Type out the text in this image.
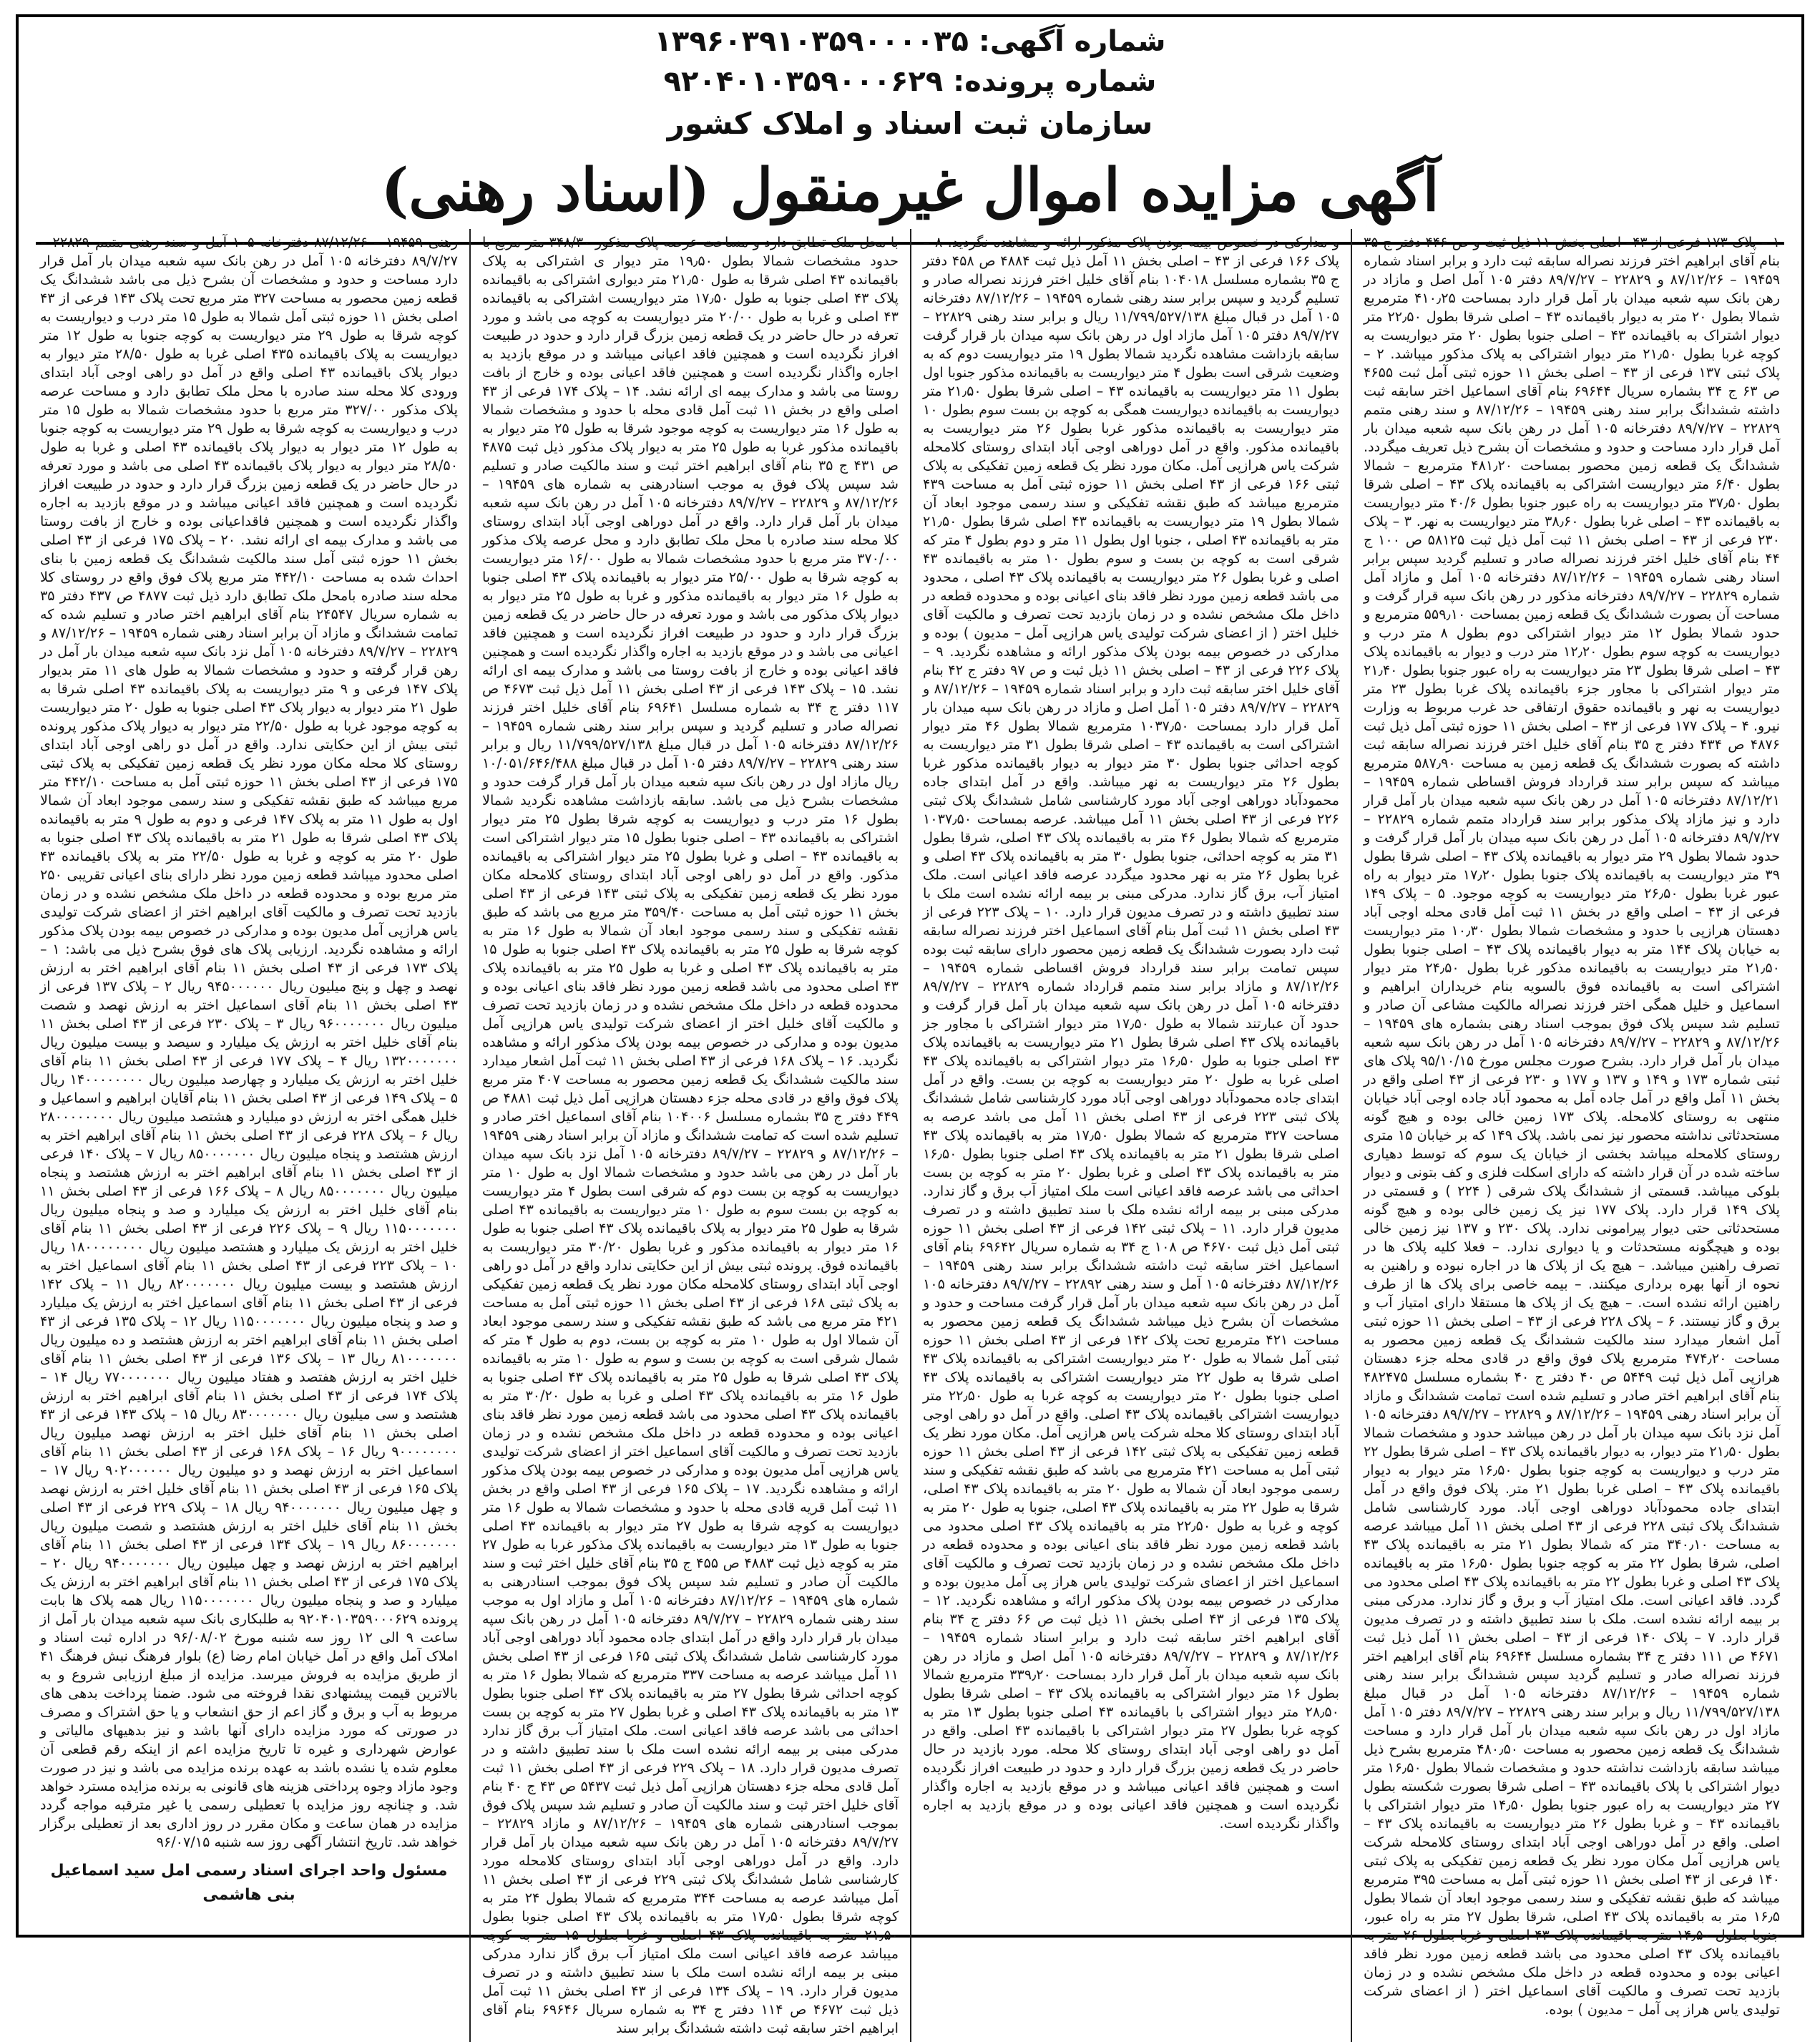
شماره آگهی: ۱۳۹۶۰۳۹۱۰۳۵۹۰۰۰۰۳۵
شماره پرونده: ۹۲۰۴۰۱۰۳۵۹۰۰۰۶۲۹
سازمان ثبت اسناد و املاک کشور
آگهی مزایده اموال غیرمنقول (اسناد رهنی)

۱ – پلاک ۱۷۳ فرعی از ۴۳– اصلی بخش ۱۱ ذیل ثبت و ص ۴۴۶ دفتر ج ۳۵ بنام آقای ابراهیم اختر فرزند نصراله سابقه ثبت دارد و برابر اسناد شماره ۱۹۴۵۹ – ۸۷/۱۲/۲۶ و ۲۲۸۲۹ – ۸۹/۷/۲۷ دفتر ۱۰۵ آمل اصل و مازاد در رهن بانک سپه شعبه میدان بار آمل قرار دارد بمساحت ۴۱۰٫۲۵ مترمربع شمالا بطول ۲۰ متر به دیوار باقیمانده ۴۳ – اصلی شرقا بطول ۲۲٫۵۰ متر دیوار اشتراک به باقیمانده ۴۳ – اصلی جنوبا بطول ۲۰ متر دیواریست به کوچه غربا بطول ۲۱٫۵۰ متر دیوار اشتراکی به پلاک مذکور میباشد. ۲ – پلاک ثبتی ۱۳۷ فرعی از ۴۳ – اصلی بخش ۱۱ حوزه ثبتی آمل ثبت ۴۶۵۵ ص ۶۳ ج ۳۴ بشماره سریال ۶۹۶۴۴ بنام آقای اسماعیل اختر سابقه ثبت داشته ششدانگ برابر سند رهنی ۱۹۴۵۹ – ۸۷/۱۲/۲۶ و سند رهنی متمم ۲۲۸۲۹ – ۸۹/۷/۲۷ دفترخانه ۱۰۵ آمل در رهن بانک سپه شعبه میدان بار آمل قرار دارد مساحت و حدود و مشخصات آن بشرح ذیل تعریف میگردد. ششدانگ یک قطعه زمین محصور بمساحت ۴۸۱٫۲۰ مترمربع – شمالا بطول ۶/۴۰ متر دیواریست اشتراکی به باقیمانده پلاک ۴۳ – اصلی شرقا بطول ۳۷٫۵۰ متر دیواریست به راه عبور جنوبا بطول ۴۰/۶ متر دیواریست به باقیمانده ۴۳ – اصلی غربا بطول ۳۸٫۶۰ متر دیواریست به نهر. ۳ – پلاک ۲۳۰ فرعی از ۴۳ – اصلی بخش ۱۱ ثبت آمل ذیل ثبت ۵۸۱۲۵ ص ۱۰۰ ج ۴۴ بنام آقای خلیل اختر فرزند نصراله صادر و تسلیم گردید سپس برابر اسناد رهنی شماره ۱۹۴۵۹ – ۸۷/۱۲/۲۶ دفترخانه ۱۰۵ آمل و مازاد آمل شماره ۲۲۸۲۹ – ۸۹/۷/۲۷ دفترخانه مذکور در رهن بانک سپه قرار گرفت و مساحت آن بصورت ششدانگ یک قطعه زمین بمساحت ۵۵۹٫۱۰ مترمربع و حدود شمالا بطول ۱۲ متر دیوار اشتراکی دوم بطول ۸ متر درب و دیواریست به کوچه سوم بطول ۱۲٫۲۰ متر درب و دیوار به باقیمانده پلاک ۴۳ – اصلی شرقا بطول ۲۳ متر دیواریست به راه عبور جنوبا بطول ۲۱٫۴۰ متر دیوار اشتراکی با مجاور جزء باقیمانده پلاک غربا بطول ۲۳ متر دیواریست به نهر و باقیمانده حقوق ارتفاقی حد غرب مربوط به وزارت نیرو. ۴ – پلاک ۱۷۷ فرعی از ۴۳ – اصلی بخش ۱۱ حوزه ثبتی آمل ذیل ثبت ۴۸۷۶ ص ۴۳۴ دفتر ج ۳۵ بنام آقای خلیل اختر فرزند نصراله سابقه ثبت داشته که بصورت ششدانگ یک قطعه زمین به مساحت ۵۸۷٫۹۰ مترمربع میباشد که سپس برابر سند قرارداد فروش اقساطی شماره ۱۹۴۵۹ – ۸۷/۱۲/۲۱ دفترخانه ۱۰۵ آمل در رهن بانک سپه شعبه میدان بار آمل قرار دارد و نیز مازاد پلاک مذکور برابر سند قرارداد متمم شماره ۲۲۸۲۹ – ۸۹/۷/۲۷ دفترخانه ۱۰۵ آمل در رهن بانک سپه میدان بار آمل قرار گرفت و حدود شمالا بطول ۲۹ متر دیوار به باقیمانده پلاک ۴۳ – اصلی شرقا بطول ۳۹ متر دیواریست به باقیمانده پلاک جنوبا بطول ۱۷٫۲۰ متر دیوار به راه عبور غربا بطول ۲۶٫۵۰ متر دیواریست به کوچه موجود. ۵ – پلاک ۱۴۹ فرعی از ۴۳ – اصلی واقع در بخش ۱۱ ثبت آمل قادی محله اوجی آباد دهستان هرازپی با حدود و مشخصات شمالا بطول ۱۰٫۳۰ متر دیواریست به خیابان پلاک ۱۴۴ متر به دیوار باقیمانده پلاک ۴۳ – اصلی جنوبا بطول ۲۱٫۵۰ متر دیواریست به باقیمانده مذکور غربا بطول ۲۴٫۵۰ متر دیوار اشتراکی است به باقیمانده فوق بالسویه بنام خریداران ابراهیم و اسماعیل و خلیل همگی اختر فرزند نصراله مالکیت مشاعی آن صادر و تسلیم شد سپس پلاک فوق بموجب اسناد رهنی بشماره های ۱۹۴۵۹ – ۸۷/۱۲/۲۶ و ۲۲۸۲۹ – ۸۹/۷/۲۷ دفترخانه ۱۰۵ آمل در رهن بانک سپه شعبه میدان بار آمل قرار دارد. بشرح صورت مجلس مورخ ۹۵/۱۰/۱۵ پلاک های ثبتی شماره ۱۷۳ و ۱۴۹ و ۱۳۷ و ۱۷۷ و ۲۳۰ فرعی از ۴۳ اصلی واقع در بخش ۱۱ آمل واقع در آمل جاده آمل به محمود آباد جاده اوجی آباد خیابان منتهی به روستای کلامحله. پلاک ۱۷۳ زمین خالی بوده و هیچ گونه مستحدثاتی نداشته محصور نیز نمی باشد. پلاک ۱۴۹ که بر خیابان ۱۵ متری روستای کلامحله میباشد بخشی از خیابان یک سوم که توسط دهیاری ساخته شده در آن قرار داشته که دارای اسکلت فلزی و کف بتونی و دیوار بلوکی میباشد. قسمتی از ششدانگ پلاک شرقی ( ۲۲۴ ) و قسمتی در پلاک ۱۴۹ قرار دارد. پلاک ۱۷۷ نیز یک زمین خالی بوده و هیچ گونه مستحدثاتی حتی دیوار پیرامونی ندارد. پلاک ۲۳۰ و ۱۳۷ نیز زمین خالی بوده و هیچگونه مستحدثات و یا دیواری ندارد. – فعلا کلیه پلاک ها در تصرف راهنین میباشد. – هیچ یک از پلاک ها در اجاره نبوده و راهنین به نحوه از آنها بهره برداری میکنند. – بیمه خاصی برای پلاک ها از طرف راهنین ارائه نشده است. – هیچ یک از پلاک ها مستقلا دارای امتیاز آب و برق و گاز نیستند. ۶ – پلاک ۲۲۸ فرعی از ۴۳ – اصلی بخش ۱۱ حوزه ثبتی آمل اشعار میدارد سند مالکیت ششدانگ یک قطعه زمین محصور به مساحت ۴۷۴٫۲۰ مترمربع پلاک فوق واقع در قادی محله جزء دهستان هرازپی آمل ذیل ثبت ۵۴۴۹ ص ۴۰ دفتر ج ۴۰ بشماره مسلسل ۴۸۲۴۷۵ بنام آقای ابراهیم اختر صادر و تسلیم شده است تمامت ششدانگ و مازاد آن برابر اسناد رهنی ۱۹۴۵۹ – ۸۷/۱۲/۲۶ و ۲۲۸۲۹ – ۸۹/۷/۲۷ دفترخانه ۱۰۵ آمل نزد بانک سپه میدان بار آمل در رهن میباشد حدود و مشخصات شمالا بطول ۲۱٫۵۰ متر دیوار، به دیوار باقیمانده پلاک ۴۳ – اصلی شرقا بطول ۲۲ متر درب و دیواریست به کوچه جنوبا بطول ۱۶٫۵۰ متر دیوار به دیوار باقیمانده پلاک ۴۳ – اصلی غربا بطول ۲۱ متر. پلاک فوق واقع در آمل ابتدای جاده محمودآباد دوراهی اوجی آباد. مورد کارشناسی شامل ششدانگ پلاک ثبتی ۲۲۸ فرعی از ۴۳ اصلی بخش ۱۱ آمل میباشد عرصه به مساحت ۳۴۰٫۱۰ متر که شمالا بطول ۲۱ متر به باقیمانده پلاک ۴۳ اصلی، شرقا بطول ۲۲ متر به کوچه جنوبا بطول ۱۶٫۵۰ متر به باقیمانده پلاک ۴۳ اصلی و غربا بطول ۲۲ متر به باقیمانده پلاک ۴۳ اصلی محدود می گردد. فاقد اعیانی است. ملک امتیاز آب و برق و گاز ندارد. مدرکی مبنی بر بیمه ارائه نشده است. ملک با سند تطبیق داشته و در تصرف مدیون قرار دارد. ۷ – پلاک ۱۴۰ فرعی از ۴۳ – اصلی بخش ۱۱ آمل ذیل ثبت ۴۶۷۱ ص ۱۱۱ دفتر ج ۳۴ بشماره مسلسل ۶۹۶۴۴ بنام آقای ابراهیم اختر فرزند نصراله صادر و تسلیم گردید سپس ششدانگ برابر سند رهنی شماره ۱۹۴۵۹ – ۸۷/۱۲/۲۶ دفترخانه ۱۰۵ آمل در قبال مبلغ ۱۱/۷۹۹/۵۲۷/۱۳۸ ریال و برابر سند رهنی ۲۲۸۲۹ – ۸۹/۷/۲۷ دفتر ۱۰۵ آمل مازاد اول در رهن بانک سپه شعبه میدان بار آمل قرار دارد و مساحت ششدانگ یک قطعه زمین محصور به مساحت ۴۸۰٫۵۰ مترمربع بشرح ذیل میباشد سابقه بازداشت نداشته حدود و مشخصات شمالا بطول ۱۶٫۵۰ متر دیوار اشتراکی با پلاک باقیمانده ۴۳ – اصلی شرقا بصورت شکسته بطول ۲۷ متر دیواریست به راه عبور جنوبا بطول ۱۴٫۵۰ متر دیوار اشتراکی با باقیمانده ۴۳ – و غربا بطول ۲۶ متر دیواریست به باقیمانده پلاک ۴۳ – اصلی. واقع در آمل دوراهی اوجی آباد ابتدای روستای کلامحله شرکت یاس هرازپی آمل مکان مورد نظر یک قطعه زمین تفکیکی به پلاک ثبتی ۱۴۰ فرعی از ۴۳ اصلی بخش ۱۱ حوزه ثبتی آمل به مساحت ۳۹۵ مترمربع میباشد که طبق نقشه تفکیکی و سند رسمی موجود ابعاد آن شمالا بطول ۱۶٫۵ متر به باقیمانده پلاک ۴۳ اصلی، شرقا بطول ۲۷ متر به راه عبور، جنوبا بطول ۱۴٫۵۰ متر به باقیمانده پلاک ۴۳ اصلی و غربا بطول ۲۶ متر به باقیمانده پلاک ۴۳ اصلی محدود می باشد قطعه زمین مورد نظر فاقد اعیانی بوده و محدوده قطعه در داخل ملک مشخص نشده و در زمان بازدید تحت تصرف و مالکیت آقای اسماعیل اختر ( از اعضای شرکت تولیدی یاس هراز پی آمل – مدیون ) بوده.

و مدارکی در خصوص بیمه بودن پلاک مذکور ارائه و مشاهده نگردید. ۸ – پلاک ۱۶۶ فرعی از ۴۳ – اصلی بخش ۱۱ آمل ذیل ثبت ۴۸۸۴ ص ۴۵۸ دفتر ج ۳۵ بشماره مسلسل ۱۰۴۰۱۸ بنام آقای خلیل اختر فرزند نصراله صادر و تسلیم گردید و سپس برابر سند رهنی شماره ۱۹۴۵۹ – ۸۷/۱۲/۲۶ دفترخانه ۱۰۵ آمل در قبال مبلغ ۱۱/۷۹۹/۵۲۷/۱۳۸ ریال و برابر سند رهنی ۲۲۸۲۹ – ۸۹/۷/۲۷ دفتر ۱۰۵ آمل مازاد اول در رهن بانک سپه میدان بار قرار گرفت سابقه بازداشت مشاهده نگردید شمالا بطول ۱۹ متر دیواریست دوم که به وضعیت شرقی است بطول ۴ متر دیواریست به باقیمانده مذکور جنوبا اول بطول ۱۱ متر دیواریست به باقیمانده ۴۳ – اصلی شرقا بطول ۲۱٫۵۰ متر دیواریست به باقیمانده دیواریست همگی به کوچه بن بست سوم بطول ۱۰ متر دیواریست به باقیمانده مذکور غربا بطول ۲۶ متر دیواریست به باقیمانده مذکور. واقع در آمل دوراهی اوجی آباد ابتدای روستای کلامحله شرکت یاس هرازپی آمل. مکان مورد نظر یک قطعه زمین تفکیکی به پلاک ثبتی ۱۶۶ فرعی از ۴۳ اصلی بخش ۱۱ حوزه ثبتی آمل به مساحت ۴۳۹ مترمربع میباشد که طبق نقشه تفکیکی و سند رسمی موجود ابعاد آن شمالا بطول ۱۹ متر دیواریست به باقیمانده ۴۳ اصلی شرقا بطول ۲۱٫۵۰ متر به باقیمانده ۴۳ اصلی ، جنوبا اول بطول ۱۱ متر و دوم بطول ۴ متر که شرقی است به کوچه بن بست و سوم بطول ۱۰ متر به باقیمانده ۴۳ اصلی و غربا بطول ۲۶ متر دیواریست به باقیمانده پلاک ۴۳ اصلی ، محدود می باشد قطعه زمین مورد نظر فاقد بنای اعیانی بوده و محدوده قطعه در داخل ملک مشخص نشده و در زمان بازدید تحت تصرف و مالکیت آقای خلیل اختر ( از اعضای شرکت تولیدی یاس هرازپی آمل – مدیون ) بوده و مدارکی در خصوص بیمه بودن پلاک مذکور ارائه و مشاهده نگردید. ۹ – پلاک ۲۲۶ فرعی از ۴۳ – اصلی بخش ۱۱ ذیل ثبت و ص ۹۷ دفتر ج ۴۲ بنام آقای خلیل اختر سابقه ثبت دارد و برابر اسناد شماره ۱۹۴۵۹ – ۸۷/۱۲/۲۶ و ۲۲۸۲۹ – ۸۹/۷/۲۷ دفتر ۱۰۵ آمل اصل و مازاد در رهن بانک سپه میدان بار آمل قرار دارد بمساحت ۱۰۳۷٫۵۰ مترمربع شمالا بطول ۴۶ متر دیوار اشتراکی است به باقیمانده ۴۳ – اصلی شرقا بطول ۳۱ متر دیواریست به کوچه احداثی جنوبا بطول ۳۰ متر دیوار به دیوار باقیمانده مذکور غربا بطول ۲۶ متر دیواریست به نهر میباشد. واقع در آمل ابتدای جاده محمودآباد دوراهی اوجی آباد مورد کارشناسی شامل ششدانگ پلاک ثبتی ۲۲۶ فرعی از ۴۳ اصلی بخش ۱۱ آمل میباشد. عرصه بمساحت ۱۰۳۷٫۵۰ مترمربع که شمالا بطول ۴۶ متر به باقیمانده پلاک ۴۳ اصلی، شرقا بطول ۳۱ متر به کوچه احداثی، جنوبا بطول ۳۰ متر به باقیمانده پلاک ۴۳ اصلی و غربا بطول ۲۶ متر به نهر محدود میگردد عرصه فاقد اعیانی است. ملک امتیاز آب، برق گاز ندارد. مدرکی مبنی بر بیمه ارائه نشده است ملک با سند تطبیق داشته و در تصرف مدیون قرار دارد. ۱۰ – پلاک ۲۲۳ فرعی از ۴۳ اصلی بخش ۱۱ ثبت آمل بنام آقای اسماعیل اختر فرزند نصراله سابقه ثبت دارد بصورت ششدانگ یک قطعه زمین محصور دارای سابقه ثبت بوده سپس تمامت برابر سند قرارداد فروش اقساطی شماره ۱۹۴۵۹ – ۸۷/۱۲/۲۶ و مازاد برابر سند متمم قرارداد شماره ۲۲۸۲۹ – ۸۹/۷/۲۷ دفترخانه ۱۰۵ آمل در رهن بانک سپه شعبه میدان بار آمل قرار گرفت و حدود آن عبارتند شمالا به طول ۱۷٫۵۰ متر دیوار اشتراکی با مجاور جز باقیمانده پلاک ۴۳ اصلی شرقا بطول ۲۱ متر دیواریست به باقیمانده پلاک ۴۳ اصلی جنوبا به طول ۱۶٫۵۰ متر دیوار اشتراکی به باقیمانده پلاک ۴۳ اصلی غربا به طول ۲۰ متر دیواریست به کوچه بن بست. واقع در آمل ابتدای جاده محمودآباد دوراهی اوجی آباد مورد کارشناسی شامل ششدانگ پلاک ثبتی ۲۲۳ فرعی از ۴۳ اصلی بخش ۱۱ آمل می باشد عرصه به مساحت ۳۲۷ مترمربع که شمالا بطول ۱۷٫۵۰ متر به باقیمانده پلاک ۴۳ اصلی شرقا بطول ۲۱ متر به باقیمانده پلاک ۴۳ اصلی جنوبا بطول ۱۶٫۵۰ متر به باقیمانده پلاک ۴۳ اصلی و غربا بطول ۲۰ متر به کوچه بن بست احداثی می باشد عرصه فاقد اعیانی است ملک امتیاز آب برق و گاز ندارد. مدرکی مبنی بر بیمه ارائه نشده ملک با سند تطبیق داشته و در تصرف مدیون قرار دارد. ۱۱ – پلاک ثبتی ۱۴۲ فرعی از ۴۳ اصلی بخش ۱۱ حوزه ثبتی آمل ذیل ثبت ۴۶۷۰ ص ۱۰۸ ج ۳۴ به شماره سریال ۶۹۶۴۲ بنام آقای اسماعیل اختر سابقه ثبت داشته ششدانگ برابر سند رهنی ۱۹۴۵۹ – ۸۷/۱۲/۲۶ دفترخانه ۱۰۵ آمل و سند رهنی ۲۲۸۹۲ – ۸۹/۷/۲۷ دفترخانه ۱۰۵ آمل در رهن بانک سپه شعبه میدان بار آمل قرار گرفت مساحت و حدود و مشخصات آن بشرح ذیل میباشد ششدانگ یک قطعه زمین محصور به مساحت ۴۲۱ مترمربع تحت پلاک ۱۴۲ فرعی از ۴۳ اصلی بخش ۱۱ حوزه ثبتی آمل شمالا به طول ۲۰ متر دیواریست اشتراکی به باقیمانده پلاک ۴۳ اصلی شرقا به طول ۲۲ متر دیواریست اشتراکی به باقیمانده پلاک ۴۳ اصلی جنوبا بطول ۲۰ متر دیواریست به کوچه غربا به طول ۲۲٫۵۰ متر دیواریست اشتراکی باقیمانده پلاک ۴۳ اصلی. واقع در آمل دو راهی اوجی آباد ابتدای روستای کلا محله شرکت یاس هرازپی آمل. مکان مورد نظر یک قطعه زمین تفکیکی به پلاک ثبتی ۱۴۲ فرعی از ۴۳ اصلی بخش ۱۱ حوزه ثبتی آمل به مساحت ۴۲۱ مترمربع می باشد که طبق نقشه تفکیکی و سند رسمی موجود ابعاد آن شمالا به طول ۲۰ متر به باقیمانده پلاک ۴۳ اصلی، شرقا به طول ۲۲ متر به باقیمانده پلاک ۴۳ اصلی، جنوبا به طول ۲۰ متر به کوچه و غربا به طول ۲۲٫۵۰ متر به باقیمانده پلاک ۴۳ اصلی محدود می باشد قطعه زمین مورد نظر فاقد بنای اعیانی بوده و محدوده قطعه در داخل ملک مشخص نشده و در زمان بازدید تحت تصرف و مالکیت آقای اسماعیل اختر از اعضای شرکت تولیدی یاس هراز پی آمل مدیون بوده و مدارکی در خصوص بیمه بودن پلاک مذکور ارائه و مشاهده نگردید. ۱۲ – پلاک ۱۳۵ فرعی از ۴۳ اصلی بخش ۱۱ ذیل ثبت ص ۶۶ دفتر ج ۳۴ بنام آقای ابراهیم اختر سابقه ثبت دارد و برابر اسناد شماره ۱۹۴۵۹ – ۸۷/۱۲/۲۶ و ۲۲۸۲۹ – ۸۹/۷/۲۷ دفترخانه ۱۰۵ آمل اصل و مازاد در رهن بانک سپه شعبه میدان بار آمل قرار دارد بمساحت ۳۳۹٫۲۰ مترمربع شمالا بطول ۱۶ متر دیوار اشتراکی به باقیمانده پلاک ۴۳ – اصلی شرقا بطول ۲۸٫۵۰ متر دیوار اشتراکی با باقیمانده ۴۳ اصلی جنوبا بطول ۱۳ متر به کوچه غربا بطول ۲۷ متر دیوار اشتراکی با باقیمانده ۴۳ اصلی. واقع در آمل دو راهی اوجی آباد ابتدای روستای کلا محله. مورد بازدید در حال حاضر در یک قطعه زمین بزرگ قرار دارد و حدود در طبیعت افراز نگردیده است و همچنین فاقد اعیانی میباشد و در موقع بازدید به اجاره واگذار نگردیده است و همچنین فاقد اعیانی بوده و در موقع بازدید به اجاره واگذار نگردیده است.

با محل ملک تطابق دارد و مساحت عرصه پلاک مذکور ۳۴۸/۳۰ متر مربع با حدود مشخصات شمالا بطول ۱۹٫۵۰ متر دیوار ی اشتراکی به پلاک باقیمانده ۴۳ اصلی شرقا به طول ۲۱٫۵۰ متر دیواری اشتراکی به باقیمانده پلاک ۴۳ اصلی جنوبا به طول ۱۷٫۵۰ متر دیواریست اشتراکی به باقیمانده ۴۳ اصلی و غربا به طول ۲۰/۰۰ متر دیواریست به کوچه می باشد و مورد تعرفه در حال حاضر در یک قطعه زمین بزرگ قرار دارد و حدود در طبیعت افراز نگردیده است و همچنین فاقد اعیانی میباشد و در موقع بازدید به اجاره واگذار نگردیده است و همچنین فاقد اعیانی بوده و خارج از بافت روستا می باشد و مدارک بیمه ای ارائه نشد. ۱۴ – پلاک ۱۷۴ فرعی از ۴۳ اصلی واقع در بخش ۱۱ ثبت آمل قادی محله با حدود و مشخصات شمالا به طول ۱۶ متر دیواریست به کوچه موجود شرقا به طول ۲۵ متر دیوار به باقیمانده مذکور غربا به طول ۲۵ متر به دیوار پلاک مذکور ذیل ثبت ۴۸۷۵ ص ۴۳۱ ج ۳۵ بنام آقای ابراهیم اختر ثبت و سند مالکیت صادر و تسلیم شد سپس پلاک فوق به موجب اسنادرهنی به شماره های ۱۹۴۵۹ – ۸۷/۱۲/۲۶ و ۲۲۸۲۹ – ۸۹/۷/۲۷ دفترخانه ۱۰۵ آمل در رهن بانک سپه شعبه میدان بار آمل قرار دارد. واقع در آمل دوراهی اوجی آباد ابتدای روستای کلا محله سند صادره با محل ملک تطابق دارد و محل عرصه پلاک مذکور ۳۷۰/۰۰ متر مربع با حدود مشخصات شمالا به طول ۱۶/۰۰ متر دیواریست به کوچه شرقا به طول ۲۵/۰۰ متر دیوار به باقیمانده پلاک ۴۳ اصلی جنوبا به طول ۱۶ متر دیوار به باقیمانده مذکور و غربا به طول ۲۵ متر دیوار به دیوار پلاک مذکور می باشد و مورد تعرفه در حال حاضر در یک قطعه زمین بزرگ قرار دارد و حدود در طبیعت افراز نگردیده است و همچنین فاقد اعیانی می باشد و در موقع بازدید به اجاره واگذار نگردیده است و همچنین فاقد اعیانی بوده و خارج از بافت روستا می باشد و مدارک بیمه ای ارائه نشد. ۱۵ – پلاک ۱۴۳ فرعی از ۴۳ اصلی بخش ۱۱ آمل ذیل ثبت ۴۶۷۳ ص ۱۱۷ دفتر ج ۳۴ به شماره مسلسل ۶۹۶۴۱ بنام آقای خلیل اختر فرزند نصراله صادر و تسلیم گردید و سپس برابر سند رهنی شماره ۱۹۴۵۹ – ۸۷/۱۲/۲۶ دفترخانه ۱۰۵ آمل در قبال مبلغ ۱۱/۷۹۹/۵۲۷/۱۳۸ ریال و برابر سند رهنی ۲۲۸۲۹ – ۸۹/۷/۲۷ دفتر ۱۰۵ آمل در قبال مبلغ ۱۰/۰۵۱/۶۴۶/۴۸۸ ریال مازاد اول در رهن بانک سپه شعبه میدان بار آمل قرار گرفت حدود و مشخصات بشرح ذیل می باشد. سابقه بازداشت مشاهده نگردید شمالا بطول ۱۶ متر درب و دیواریست به کوچه شرقا بطول ۲۵ متر دیوار اشتراکی به باقیمانده ۴۳ – اصلی جنوبا بطول ۱۵ متر دیوار اشتراکی است به باقیمانده ۴۳ – اصلی و غربا بطول ۲۵ متر دیوار اشتراکی به باقیمانده مذکور. واقع در آمل دو راهی اوجی آباد ابتدای روستای کلامحله مکان مورد نظر یک قطعه زمین تفکیکی به پلاک ثبتی ۱۴۳ فرعی از ۴۳ اصلی بخش ۱۱ حوزه ثبتی آمل به مساحت ۳۵۹/۴۰ متر مربع می باشد که طبق نقشه تفکیکی و سند رسمی موجود ابعاد آن شمالا به طول ۱۶ متر به کوچه شرقا به طول ۲۵ متر به باقیمانده پلاک ۴۳ اصلی جنوبا به طول ۱۵ متر به باقیمانده پلاک ۴۳ اصلی و غربا به طول ۲۵ متر به باقیمانده پلاک ۴۳ اصلی محدود می باشد قطعه زمین مورد نظر فاقد بنای اعیانی بوده و محدوده قطعه در داخل ملک مشخص نشده و در زمان بازدید تحت تصرف و مالکیت آقای خلیل اختر از اعضای شرکت تولیدی یاس هرازپی آمل مدیون بوده و مدارکی در خصوص بیمه بودن پلاک مذکور ارائه و مشاهده نگردید. ۱۶ – پلاک ۱۶۸ فرعی از ۴۳ اصلی بخش ۱۱ ثبت آمل اشعار میدارد سند مالکیت ششدانگ یک قطعه زمین محصور به مساحت ۴۰۷ متر مربع پلاک فوق واقع در قادی محله جزء دهستان هرازپی آمل ذیل ثبت ۴۸۸۱ ص ۴۴۹ دفتر ج ۳۵ بشماره مسلسل ۱۰۴۰۰۶ بنام آقای اسماعیل اختر صادر و تسلیم شده است که تمامت ششدانگ و مازاد آن برابر اسناد رهنی ۱۹۴۵۹ – ۸۷/۱۲/۲۶ و ۲۲۸۲۹ – ۸۹/۷/۲۷ دفترخانه ۱۰۵ آمل نزد بانک سپه میدان بار آمل در رهن می باشد حدود و مشخصات شمالا اول به طول ۱۰ متر دیواریست به کوچه بن بست دوم که شرقی است بطول ۴ متر دیواریست به کوچه بن بست سوم به طول ۱۰ متر دیواریست به باقیمانده ۴۳ اصلی شرقا به طول ۲۵ متر دیوار به پلاک باقیمانده پلاک ۴۳ اصلی جنوبا به طول ۱۶ متر دیوار به باقیمانده مذکور و غربا بطول ۳۰/۲۰ متر دیواریست به باقیمانده فوق. پرونده ثبتی بیش از این حکایتی ندارد واقع در آمل دو راهی اوجی آباد ابتدای روستای کلامحله مکان مورد نظر یک قطعه زمین تفکیکی به پلاک ثبتی ۱۶۸ فرعی از ۴۳ اصلی بخش ۱۱ حوزه ثبتی آمل به مساحت ۴۲۱ متر مربع می باشد که طبق نقشه تفکیکی و سند رسمی موجود ابعاد آن شمالا اول به طول ۱۰ متر به کوچه بن بست، دوم به طول ۴ متر که شمال شرقی است به کوچه بن بست و سوم به طول ۱۰ متر به باقیمانده پلاک ۴۳ اصلی شرقا به طول ۲۵ متر به باقیمانده پلاک ۴۳ اصلی جنوبا به طول ۱۶ متر به باقیمانده پلاک ۴۳ اصلی و غربا به طول ۳۰/۲۰ متر به باقیمانده پلاک ۴۳ اصلی محدود می باشد قطعه زمین مورد نظر فاقد بنای اعیانی بوده و محدوده قطعه در داخل ملک مشخص نشده و در زمان بازدید تحت تصرف و مالکیت آقای اسماعیل اختر از اعضای شرکت تولیدی یاس هرازپی آمل مدیون بوده و مدارکی در خصوص بیمه بودن پلاک مذکور ارائه و مشاهده نگردید. ۱۷ – پلاک ۱۶۵ فرعی از ۴۳ اصلی واقع در بخش ۱۱ ثبت آمل قریه قادی محله با حدود و مشخصات شمالا به طول ۱۶ متر دیواریست به کوچه شرقا به طول ۲۷ متر دیوار به باقیمانده ۴۳ اصلی جنوبا به طول ۱۳ متر دیواریست به باقیمانده پلاک مذکور غربا به طول ۲۷ متر به کوچه ذیل ثبت ۴۸۸۳ ص ۴۵۵ ج ۳۵ بنام آقای خلیل اختر ثبت و سند مالکیت آن صادر و تسلیم شد سپس پلاک فوق بموجب اسنادرهنی به شماره های ۱۹۴۵۹ – ۸۷/۱۲/۲۶ دفترخانه ۱۰۵ آمل و مازاد اول به موجب سند رهنی شماره ۲۲۸۲۹ – ۸۹/۷/۲۷ دفترخانه ۱۰۵ آمل در رهن بانک سپه میدان بار قرار دارد واقع در آمل ابتدای جاده محمود آباد دوراهی اوجی آباد مورد کارشناسی شامل ششدانگ پلاک ثبتی ۱۶۵ فرعی از ۴۳ اصلی بخش ۱۱ آمل میباشد عرصه به مساحت ۳۳۷ مترمربع که شمالا بطول ۱۶ متر به کوچه احداثی شرقا بطول ۲۷ متر به باقیمانده پلاک ۴۳ اصلی جنوبا بطول ۱۳ متر به باقیمانده پلاک ۴۳ اصلی و غربا بطول ۲۷ متر به کوچه بن بست احداثی می باشد عرصه فاقد اعیانی است. ملک امتیاز آب برق گاز ندارد مدرکی مبنی بر بیمه ارائه نشده است ملک با سند تطبیق داشته و در تصرف مدیون قرار دارد. ۱۸ – پلاک ۲۲۹ فرعی از ۴۳ اصلی بخش ۱۱ ثبت آمل قادی محله جزء دهستان هرازپی آمل ذیل ثبت ۵۴۳۷ ص ۴۳ ج ۴۰ بنام آقای خلیل اختر ثبت و سند مالکیت آن صادر و تسلیم شد سپس پلاک فوق بموجب اسنادرهنی شماره های ۱۹۴۵۹ – ۸۷/۱۲/۲۶ و مازاد ۲۲۸۲۹ – ۸۹/۷/۲۷ دفترخانه ۱۰۵ آمل در رهن بانک سپه شعبه میدان بار آمل قرار دارد. واقع در آمل دوراهی اوجی آباد ابتدای روستای کلامحله مورد کارشناسی شامل ششدانگ پلاک ثبتی ۲۲۹ فرعی از ۴۳ اصلی بخش ۱۱ آمل میباشد عرصه به مساحت ۳۴۴ مترمربع که شمالا بطول ۲۴ متر به کوچه شرقا بطول ۱۷٫۵۰ متر به باقیمانده پلاک ۴۳ اصلی جنوبا بطول ۲۱٫۵۰ متر به باقیمانده پلاک ۴۳ اصلی و غربا بطول ۱۵ متر به کوچه میباشد عرصه فاقد اعیانی است ملک امتیاز آب برق گاز ندارد مدرکی مبنی بر بیمه ارائه نشده است ملک با سند تطبیق داشته و در تصرف مدیون قرار دارد. ۱۹ – پلاک ۱۳۴ فرعی از ۴۳ اصلی بخش ۱۱ ثبت آمل ذیل ثبت ۴۶۷۲ ص ۱۱۴ دفتر ج ۳۴ به شماره سریال ۶۹۶۴۶ بنام آقای ابراهیم اختر سابقه ثبت داشته ششدانگ برابر سند

رهنی ۱۹۴۵۹ – ۸۷/۱۲/۲۶ دفترخانه ۱۰۵ آمل و سند رهنی متمم ۲۲۸۲۹ – ۸۹/۷/۲۷ دفترخانه ۱۰۵ آمل در رهن بانک سپه شعبه میدان بار آمل قرار دارد مساحت و حدود و مشخصات آن بشرح ذیل می باشد ششدانگ یک قطعه زمین محصور به مساحت ۳۲۷ متر مربع تحت پلاک ۱۴۳ فرعی از ۴۳ اصلی بخش ۱۱ حوزه ثبتی آمل شمالا به طول ۱۵ متر درب و دیواریست به کوچه شرقا به طول ۲۹ متر دیواریست به کوچه جنوبا به طول ۱۲ متر دیواریست به پلاک باقیمانده ۴۳۵ اصلی غربا به طول ۲۸/۵۰ متر دیوار به دیوار پلاک باقیمانده ۴۳ اصلی واقع در آمل دو راهی اوجی آباد ابتدای ورودی کلا محله سند صادره با محل ملک تطابق دارد و مساحت عرصه پلاک مذکور ۳۲۷/۰۰ متر مربع با حدود مشخصات شمالا به طول ۱۵ متر درب و دیواریست به کوچه شرقا به طول ۲۹ متر دیواریست به کوچه جنوبا به طول ۱۲ متر دیوار به دیوار پلاک باقیمانده ۴۳ اصلی و غربا به طول ۲۸/۵۰ متر دیوار به دیوار پلاک باقیمانده ۴۳ اصلی می باشد و مورد تعرفه در حال حاضر در یک قطعه زمین بزرگ قرار دارد و حدود در طبیعت افراز نگردیده است و همچنین فاقد اعیانی میباشد و در موقع بازدید به اجاره واگذار نگردیده است و همچنین فاقداعیانی بوده و خارج از بافت روستا می باشد و مدارک بیمه ای ارائه نشد. ۲۰ – پلاک ۱۷۵ فرعی از ۴۳ اصلی بخش ۱۱ حوزه ثبتی آمل سند مالکیت ششدانگ یک قطعه زمین با بنای احداث شده به مساحت ۴۴۲/۱۰ متر مربع پلاک فوق واقع در روستای کلا محله سند صادره بامحل ملک تطابق دارد ذیل ثبت ۴۸۷۷ ص ۴۳۷ دفتر ۳۵ به شماره سریال ۲۴۵۴۷ بنام آقای ابراهیم اختر صادر و تسلیم شده که تمامت ششدانگ و مازاد آن برابر اسناد رهنی شماره ۱۹۴۵۹ – ۸۷/۱۲/۲۶ و ۲۲۸۲۹ – ۸۹/۷/۲۷ دفترخانه ۱۰۵ آمل نزد بانک سپه شعبه میدان بار آمل در رهن قرار گرفته و حدود و مشخصات شمالا به طول های ۱۱ متر بدیوار پلاک ۱۴۷ فرعی و ۹ متر دیواریست به پلاک باقیمانده ۴۳ اصلی شرقا به طول ۲۱ متر دیوار به دیوار پلاک ۴۳ اصلی جنوبا به طول ۲۰ متر دیواریست به کوچه موجود غربا به طول ۲۲/۵۰ متر دیوار به دیوار پلاک مذکور پرونده ثبتی بیش از این حکایتی ندارد. واقع در آمل دو راهی اوجی آباد ابتدای روستای کلا محله مکان مورد نظر یک قطعه زمین تفکیکی به پلاک ثبتی ۱۷۵ فرعی از ۴۳ اصلی بخش ۱۱ حوزه ثبتی آمل به مساحت ۴۴۲/۱۰ متر مربع میباشد که طبق نقشه تفکیکی و سند رسمی موجود ابعاد آن شمالا اول به طول ۱۱ متر به پلاک ۱۴۷ فرعی و دوم به طول ۹ متر به باقیمانده پلاک ۴۳ اصلی شرقا به طول ۲۱ متر به باقیمانده پلاک ۴۳ اصلی جنوبا به طول ۲۰ متر به کوچه و غربا به طول ۲۲/۵۰ متر به پلاک باقیمانده ۴۳ اصلی محدود میباشد قطعه زمین مورد نظر دارای بنای اعیانی تقریبی ۲۵۰ متر مربع بوده و محدوده قطعه در داخل ملک مشخص نشده و در زمان بازدید تحت تصرف و مالکیت آقای ابراهیم اختر از اعضای شرکت تولیدی یاس هرازپی آمل مدیون بوده و مدارکی در خصوص بیمه بودن پلاک مذکور ارائه و مشاهده نگردید. ارزیابی پلاک های فوق بشرح ذیل می باشد: ۱ – پلاک ۱۷۳ فرعی از ۴۳ اصلی بخش ۱۱ بنام آقای ابراهیم اختر به ارزش نهصد و چهل و پنج میلیون ریال ۹۴۵۰۰۰۰۰۰ ریال ۲ – پلاک ۱۳۷ فرعی از ۴۳ اصلی بخش ۱۱ بنام آقای اسماعیل اختر به ارزش نهصد و شصت میلیون ریال ۹۶۰۰۰۰۰۰۰ ریال ۳ – پلاک ۲۳۰ فرعی از ۴۳ اصلی بخش ۱۱ بنام آقای خلیل اختر به ارزش یک میلیارد و سیصد و بیست میلیون ریال ۱۳۲۰۰۰۰۰۰۰ ریال ۴ – پلاک ۱۷۷ فرعی از ۴۳ اصلی بخش ۱۱ بنام آقای خلیل اختر به ارزش یک میلیارد و چهارصد میلیون ریال ۱۴۰۰۰۰۰۰۰۰ ریال ۵ – پلاک ۱۴۹ فرعی از ۴۳ اصلی بخش ۱۱ بنام آقایان ابراهیم و اسماعیل و خلیل همگی اختر به ارزش دو میلیارد و هشتصد میلیون ریال ۲۸۰۰۰۰۰۰۰۰ ریال ۶ – پلاک ۲۲۸ فرعی از ۴۳ اصلی بخش ۱۱ بنام آقای ابراهیم اختر به ارزش هشتصد و پنجاه میلیون ریال ۸۵۰۰۰۰۰۰۰ ریال ۷ – پلاک ۱۴۰ فرعی از ۴۳ اصلی بخش ۱۱ بنام آقای ابراهیم اختر به ارزش هشتصد و پنجاه میلیون ریال ۸۵۰۰۰۰۰۰۰ ریال ۸ – پلاک ۱۶۶ فرعی از ۴۳ اصلی بخش ۱۱ بنام آقای خلیل اختر به ارزش یک میلیارد و صد و پنجاه میلیون ریال ۱۱۵۰۰۰۰۰۰۰ ریال ۹ – پلاک ۲۲۶ فرعی از ۴۳ اصلی بخش ۱۱ بنام آقای خلیل اختر به ارزش یک میلیارد و هشتصد میلیون ریال ۱۸۰۰۰۰۰۰۰۰ ریال ۱۰ – پلاک ۲۲۳ فرعی از ۴۳ اصلی بخش ۱۱ بنام آقای اسماعیل اختر به ارزش هشتصد و بیست میلیون ریال ۸۲۰۰۰۰۰۰۰ ریال ۱۱ – پلاک ۱۴۲ فرعی از ۴۳ اصلی بخش ۱۱ بنام آقای اسماعیل اختر به ارزش یک میلیارد و صد و پنجاه میلیون ریال ۱۱۵۰۰۰۰۰۰۰ ریال ۱۲ – پلاک ۱۳۵ فرعی از ۴۳ اصلی بخش ۱۱ بنام آقای ابراهیم اختر به ارزش هشتصد و ده میلیون ریال ۸۱۰۰۰۰۰۰۰ ریال ۱۳ – پلاک ۱۳۶ فرعی از ۴۳ اصلی بخش ۱۱ بنام آقای خلیل اختر به ارزش هفتصد و هفتاد میلیون ریال ۷۷۰۰۰۰۰۰۰ ریال ۱۴ – پلاک ۱۷۴ فرعی از ۴۳ اصلی بخش ۱۱ بنام آقای ابراهیم اختر به ارزش هشتصد و سی میلیون ریال ۸۳۰۰۰۰۰۰۰ ریال ۱۵ – پلاک ۱۴۳ فرعی از ۴۳ اصلی بخش ۱۱ بنام آقای خلیل اختر به ارزش نهصد میلیون ریال ۹۰۰۰۰۰۰۰۰ ریال ۱۶ – پلاک ۱۶۸ فرعی از ۴۳ اصلی بخش ۱۱ بنام آقای اسماعیل اختر به ارزش نهصد و دو میلیون ریال ۹۰۲۰۰۰۰۰۰ ریال ۱۷ – پلاک ۱۶۵ فرعی از ۴۳ اصلی بخش ۱۱ بنام آقای خلیل اختر به ارزش نهصد و چهل میلیون ریال ۹۴۰۰۰۰۰۰۰ ریال ۱۸ – پلاک ۲۲۹ فرعی از ۴۳ اصلی بخش ۱۱ بنام آقای خلیل اختر به ارزش هشتصد و شصت میلیون ریال ۸۶۰۰۰۰۰۰۰ ریال ۱۹ – پلاک ۱۳۴ فرعی از ۴۳ اصلی بخش ۱۱ بنام آقای ابراهیم اختر به ارزش نهصد و چهل میلیون ریال ۹۴۰۰۰۰۰۰۰ ریال ۲۰ – پلاک ۱۷۵ فرعی از ۴۳ اصلی بخش ۱۱ بنام آقای ابراهیم اختر به ارزش یک میلیارد و صد و پنجاه میلیون ریال ۱۱۵۰۰۰۰۰۰۰ ریال همه پلاک ها بابت پرونده ۹۲۰۴۰۱۰۳۵۹۰۰۰۶۲۹ به طلبکاری بانک سپه شعبه میدان بار آمل از ساعت ۹ الی ۱۲ روز سه شنبه مورخ ۹۶/۰۸/۰۲ در اداره ثبت اسناد و املاک آمل واقع در آمل خیابان امام رضا (ع) بلوار فرهنگ نبش فرهنگ ۴۱ از طریق مزایده به فروش میرسد. مزایده از مبلغ ارزیابی شروع و به بالاترین قیمت پیشنهادی نقدا فروخته می شود. ضمنا پرداخت بدهی های مربوط به آب و برق و گاز اعم از حق انشعاب و یا حق اشتراک و مصرف در صورتی که مورد مزایده دارای آنها باشد و نیز بدهیهای مالیاتی و عوارض شهرداری و غیره تا تاریخ مزایده اعم از اینکه رقم قطعی آن معلوم شده یا نشده باشد به عهده برنده مزایده می باشد و نیز در صورت وجود مازاد وجوه پرداختی هزینه های قانونی به برنده مزایده مسترد خواهد شد. و چنانچه روز مزایده با تعطیلی رسمی یا غیر مترقبه مواجه گردد مزایده در همان ساعت و مکان مقرر در روز اداری بعد از تعطیلی برگزار خواهد شد. تاریخ انتشار آگهی روز سه شنبه ۹۶/۰۷/۱۵

مسئول واحد اجرای اسناد رسمی امل سید اسماعیل بنی هاشمی
